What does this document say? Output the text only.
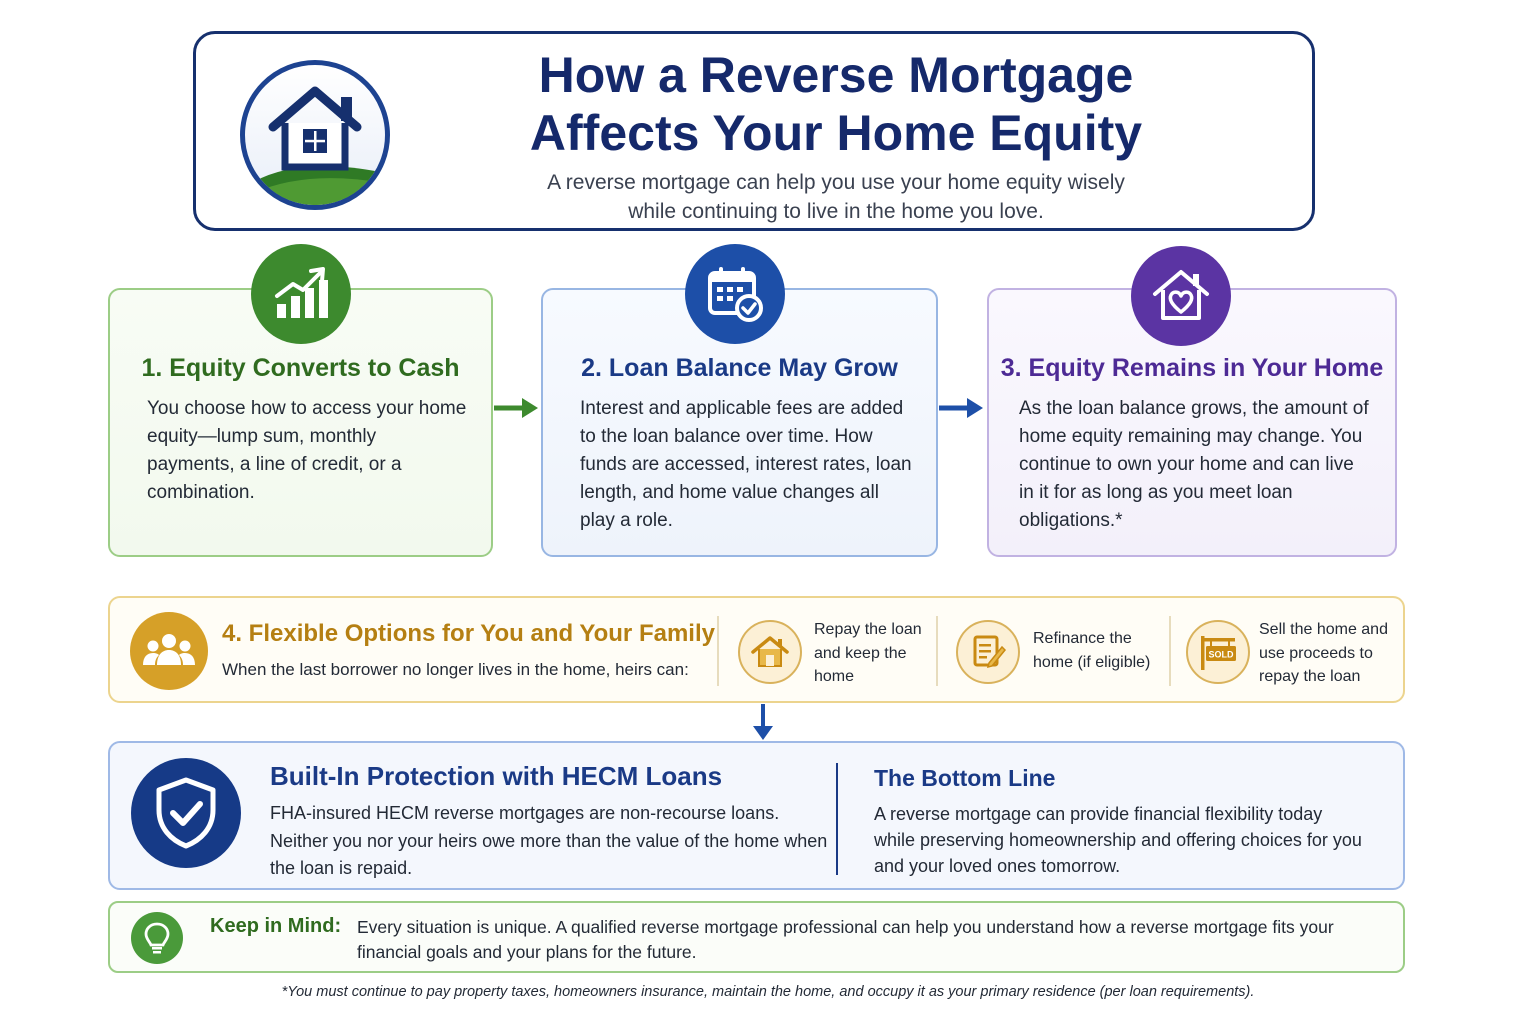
How a Reverse Mortgage
Affects Your Home Equity
A reverse mortgage can help you use your home equity wisely
while continuing to live in the home you love.
1. Equity Converts to Cash

You choose how to access your home equity—lump sum, monthly payments, a line of credit, or a combination.

2. Loan Balance May Grow

Interest and applicable fees are added to the loan balance over time. How funds are accessed, interest rates, loan length, and home value changes all play a role.

3. Equity Remains in Your Home

As the loan balance grows, the amount of home equity remaining may change. You continue to own your home and can live in it for as long as you meet loan obligations.*

4. Flexible Options for You and Your Family
When the last borrower no longer lives in the home, heirs can:
Repay the loan and keep the home
Refinance the home (if eligible)	SOLD
Sell the home and use proceeds to repay the loan
Built-In Protection with HECM Loans
FHA-insured HECM reverse mortgages are non-recourse loans. Neither you nor your heirs owe more than the value of the home when the loan is repaid.
The Bottom Line
A reverse mortgage can provide financial flexibility today while preserving homeownership and offering choices for you and your loved ones tomorrow.
Keep in Mind: Every situation is unique. A qualified reverse mortgage professional can help you understand how a reverse mortgage fits your financial goals and your plans for the future.
*You must continue to pay property taxes, homeowners insurance, maintain the home, and occupy it as your primary residence (per loan requirements).
